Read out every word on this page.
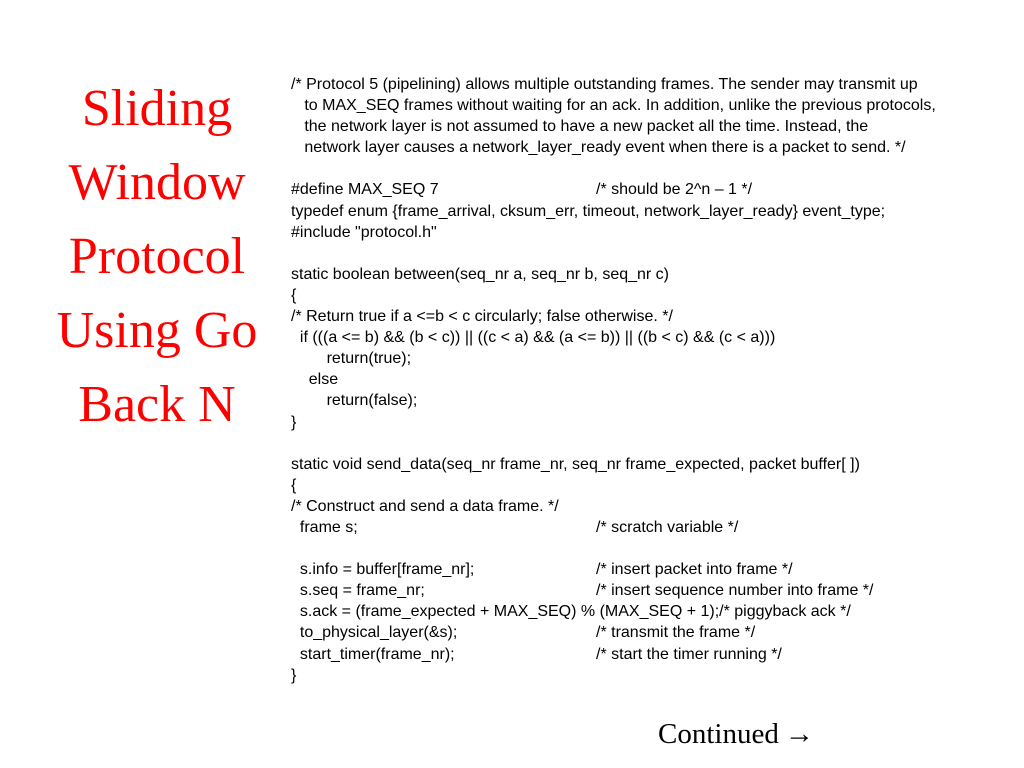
Sliding
Window
Protocol
Using Go
Back N
/* Protocol 5 (pipelining) allows multiple outstanding frames. The sender may transmit up
to MAX_SEQ frames without waiting for an ack. In addition, unlike the previous protocols,
the network layer is not assumed to have a new packet all the time. Instead, the
network layer causes a network_layer_ready event when there is a packet to send. */
#define MAX_SEQ 7	/* should be 2^n – 1 */
typedef enum {frame_arrival, cksum_err, timeout, network_layer_ready} event_type;
#include "protocol.h"
static boolean between(seq_nr a, seq_nr b, seq_nr c)
{
/* Return true if a <=b < c circularly; false otherwise. */
if (((a <= b) && (b < c)) || ((c < a) && (a <= b)) || ((b < c) && (c < a)))
return(true);
else
return(false);
}
static void send_data(seq_nr frame_nr, seq_nr frame_expected, packet buffer[ ])
{
/* Construct and send a data frame. */
frame s;	/* scratch variable */
s.info = buffer[frame_nr];	/* insert packet into frame */
s.seq = frame_nr;	/* insert sequence number into frame */
s.ack = (frame_expected + MAX_SEQ) % (MAX_SEQ + 1);/* piggyback ack */
to_physical_layer(&s);	/* transmit the frame */
start_timer(frame_nr);	/* start the timer running */
}
Continued →
